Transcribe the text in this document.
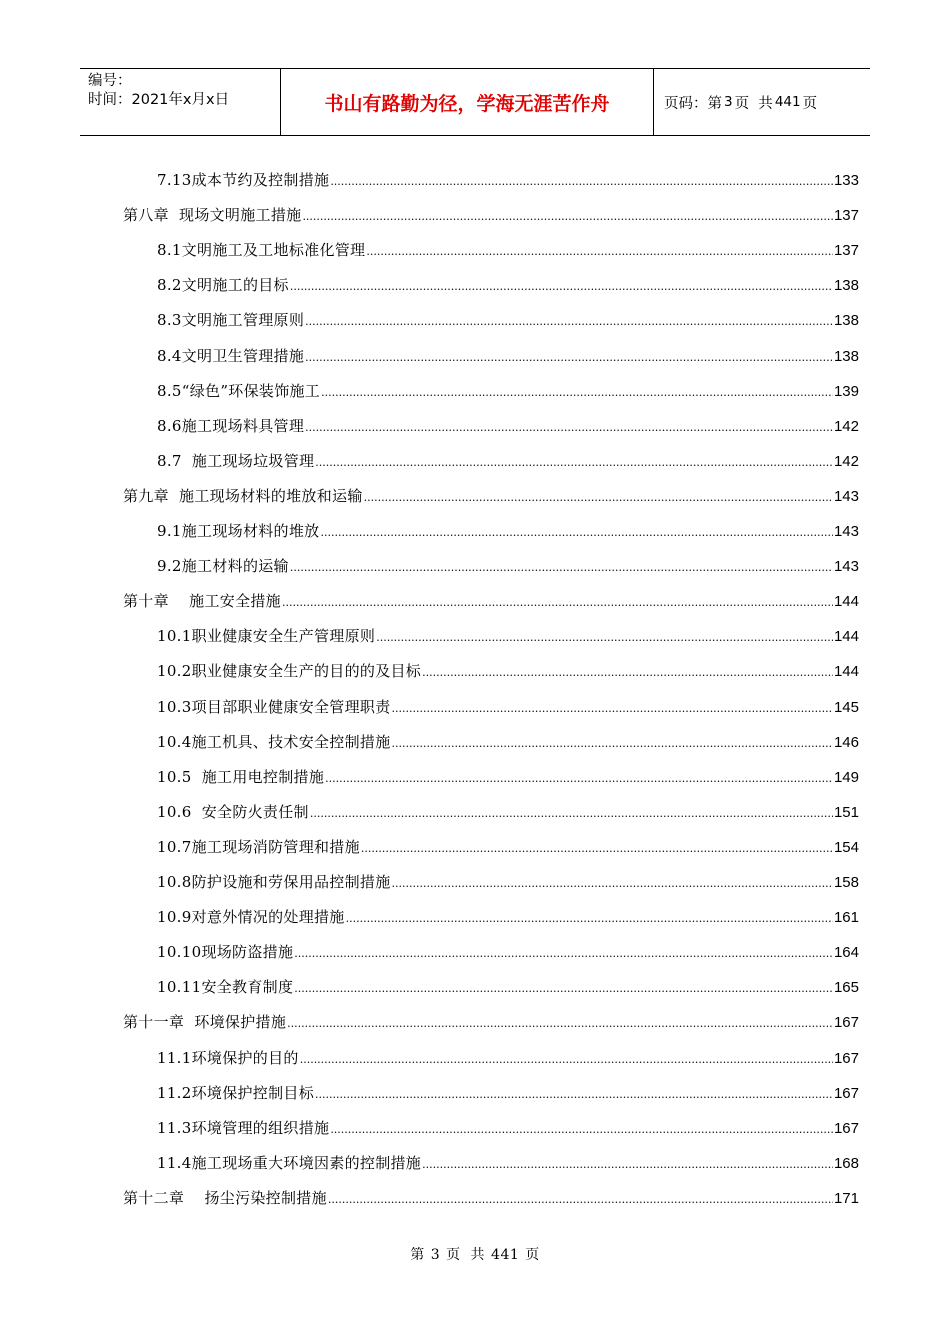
编号：
时间：2021年x月x日	书山有路勤为径，学海无涯苦作舟	页码：第 3 页  共 441 页
7.13成本节约及控制措施 .....	133
第八章  现场文明施工措施 .....	137
8.1文明施工及工地标准化管理 .....	137
8.2文明施工的目标 .....	138
8.3文明施工管理原则 .....	138
8.4文明卫生管理措施 .....	138
8.5“绿色”环保装饰施工 .....	139
8.6施工现场料具管理 .....	142
8.7  施工现场垃圾管理 .....	142
第九章  施工现场材料的堆放和运输 .....	143
9.1施工现场材料的堆放 .....	143
9.2施工材料的运输 .....	143
第十章    施工安全措施 .....	144
10.1职业健康安全生产管理原则 .....	144
10.2职业健康安全生产的目的的及目标 .....	144
10.3项目部职业健康安全管理职责 .....	145
10.4施工机具、技术安全控制措施 .....	146
10.5  施工用电控制措施 .....	149
10.6  安全防火责任制 .....	151
10.7施工现场消防管理和措施 .....	154
10.8防护设施和劳保用品控制措施 .....	158
10.9对意外情况的处理措施 .....	161
10.10现场防盗措施 .....	164
10.11安全教育制度 .....	165
第十一章  环境保护措施 .....	167
11.1环境保护的目的 .....	167
11.2环境保护控制目标 .....	167
11.3环境管理的组织措施 .....	167
11.4施工现场重大环境因素的控制措施 .....	168
第十二章    扬尘污染控制措施 .....	171
第 3 页  共 441 页
